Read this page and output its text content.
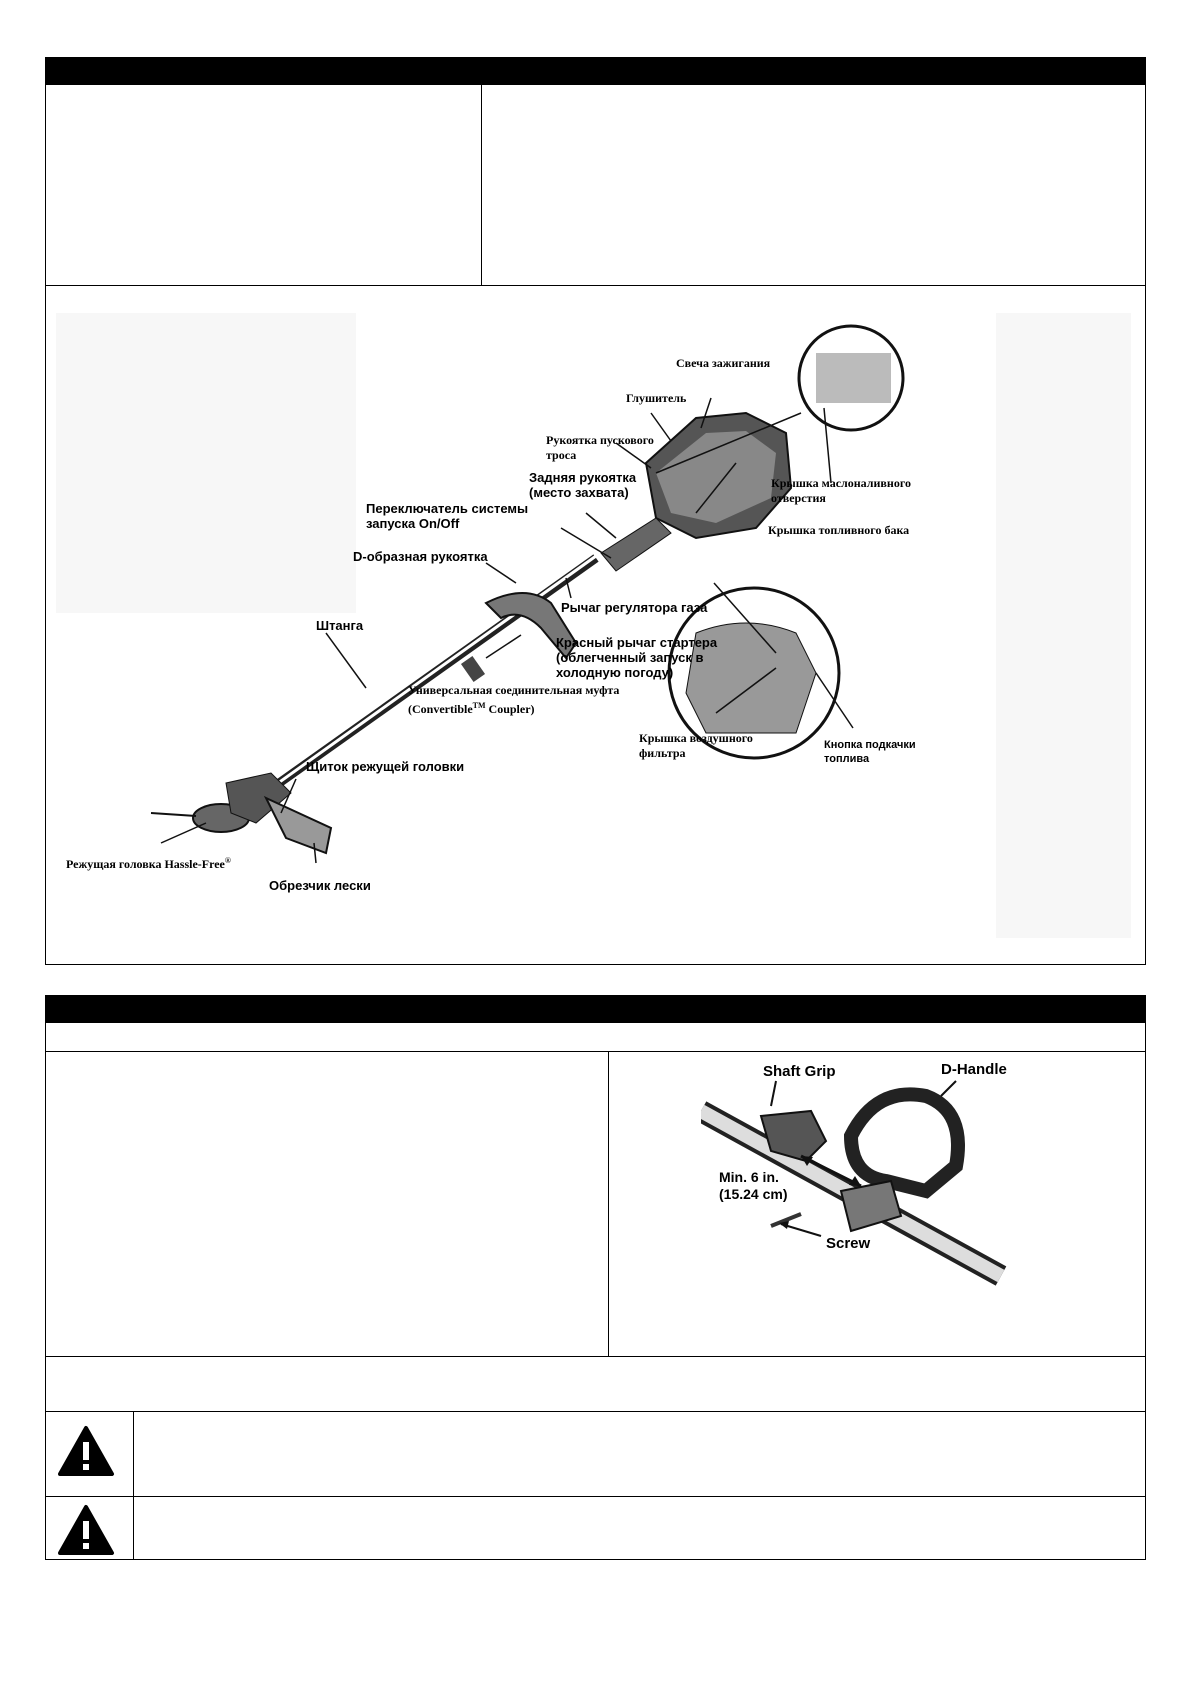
Свеча зажигания
Глушитель
Рукоятка пускового
троса
Задняя рукоятка
(место захвата)
Переключатель системы
запуска On/Off
Крышка маслоналивного
отверстия
Крышка топливного бака
D-образная рукоятка
Рычаг регулятора газа
Штанга
Красный рычаг стартера
(облегченный запуск в
холодную погоду)
Универсальная соединительная муфта
(Convertible™ Coupler)
Крышка воздушного
фильтра
Кнопка подкачки
топлива
Щиток режущей головки
Режущая головка Hassle-Free®
Обрезчик лески
Shaft Grip	D-Handle
Min. 6 in.
(15.24 cm)
Screw
